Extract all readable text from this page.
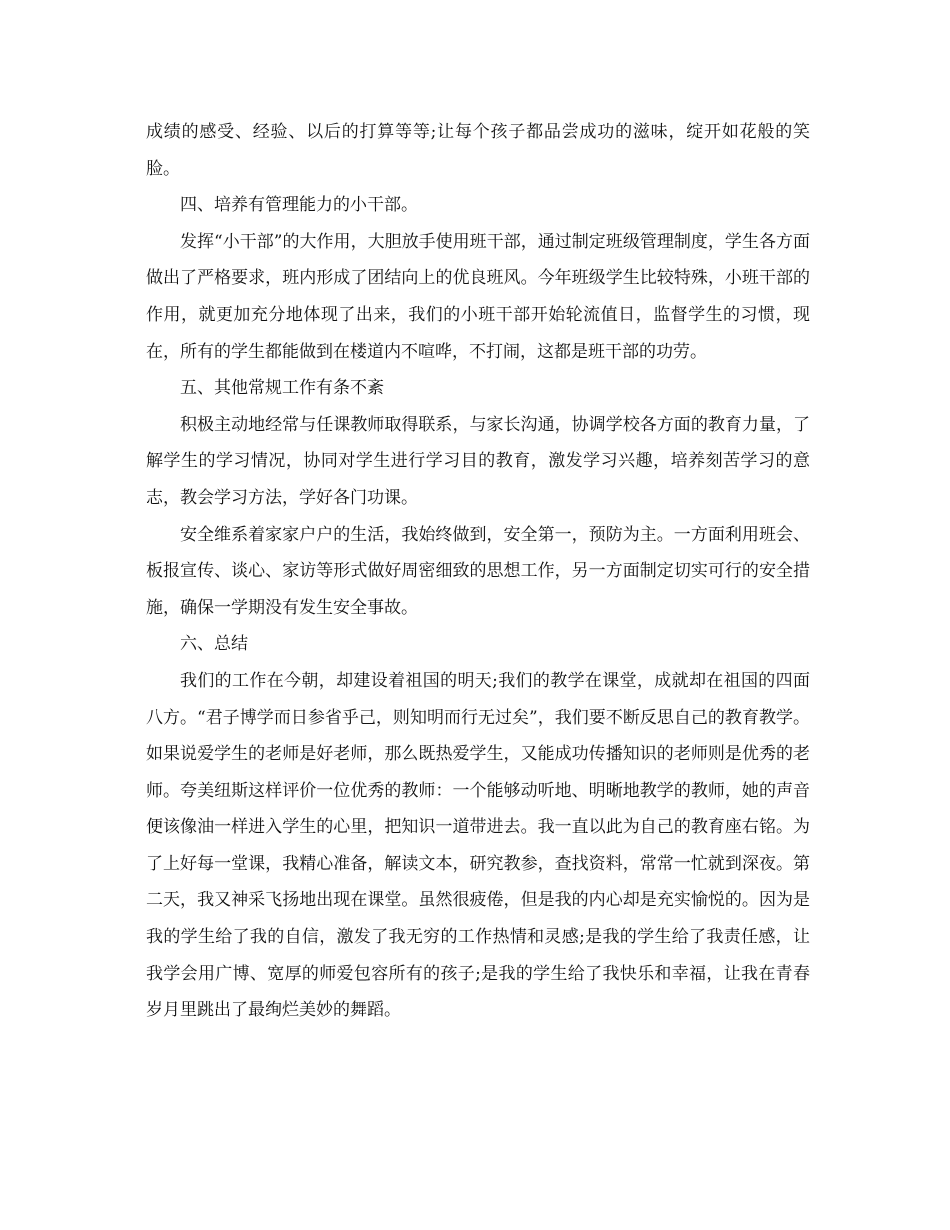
成绩的感受、经验、以后的打算等等;让每个孩子都品尝成功的滋味，绽开如花般的笑脸。

四、培养有管理能力的小干部。

发挥“小干部”的大作用，大胆放手使用班干部，通过制定班级管理制度，学生各方面做出了严格要求，班内形成了团结向上的优良班风。今年班级学生比较特殊，小班干部的作用，就更加充分地体现了出来，我们的小班干部开始轮流值日，监督学生的习惯，现在，所有的学生都能做到在楼道内不喧哗，不打闹，这都是班干部的功劳。

五、其他常规工作有条不紊

积极主动地经常与任课教师取得联系，与家长沟通，协调学校各方面的教育力量，了解学生的学习情况，协同对学生进行学习目的教育，激发学习兴趣，培养刻苦学习的意志，教会学习方法，学好各门功课。

安全维系着家家户户的生活，我始终做到，安全第一，预防为主。一方面利用班会、板报宣传、谈心、家访等形式做好周密细致的思想工作，另一方面制定切实可行的安全措施，确保一学期没有发生安全事故。

六、总结

我们的工作在今朝，却建设着祖国的明天;我们的教学在课堂，成就却在祖国的四面八方。“君子博学而日参省乎己，则知明而行无过矣”，我们要不断反思自己的教育教学。如果说爱学生的老师是好老师，那么既热爱学生，又能成功传播知识的老师则是优秀的老师。夸美纽斯这样评价一位优秀的教师：一个能够动听地、明晰地教学的教师，她的声音便该像油一样进入学生的心里，把知识一道带进去。我一直以此为自己的教育座右铭。为了上好每一堂课，我精心准备，解读文本，研究教参，查找资料，常常一忙就到深夜。第二天，我又神采飞扬地出现在课堂。虽然很疲倦，但是我的内心却是充实愉悦的。因为是我的学生给了我的自信，激发了我无穷的工作热情和灵感;是我的学生给了我责任感，让我学会用广博、宽厚的师爱包容所有的孩子;是我的学生给了我快乐和幸福，让我在青春岁月里跳出了最绚烂美妙的舞蹈。
